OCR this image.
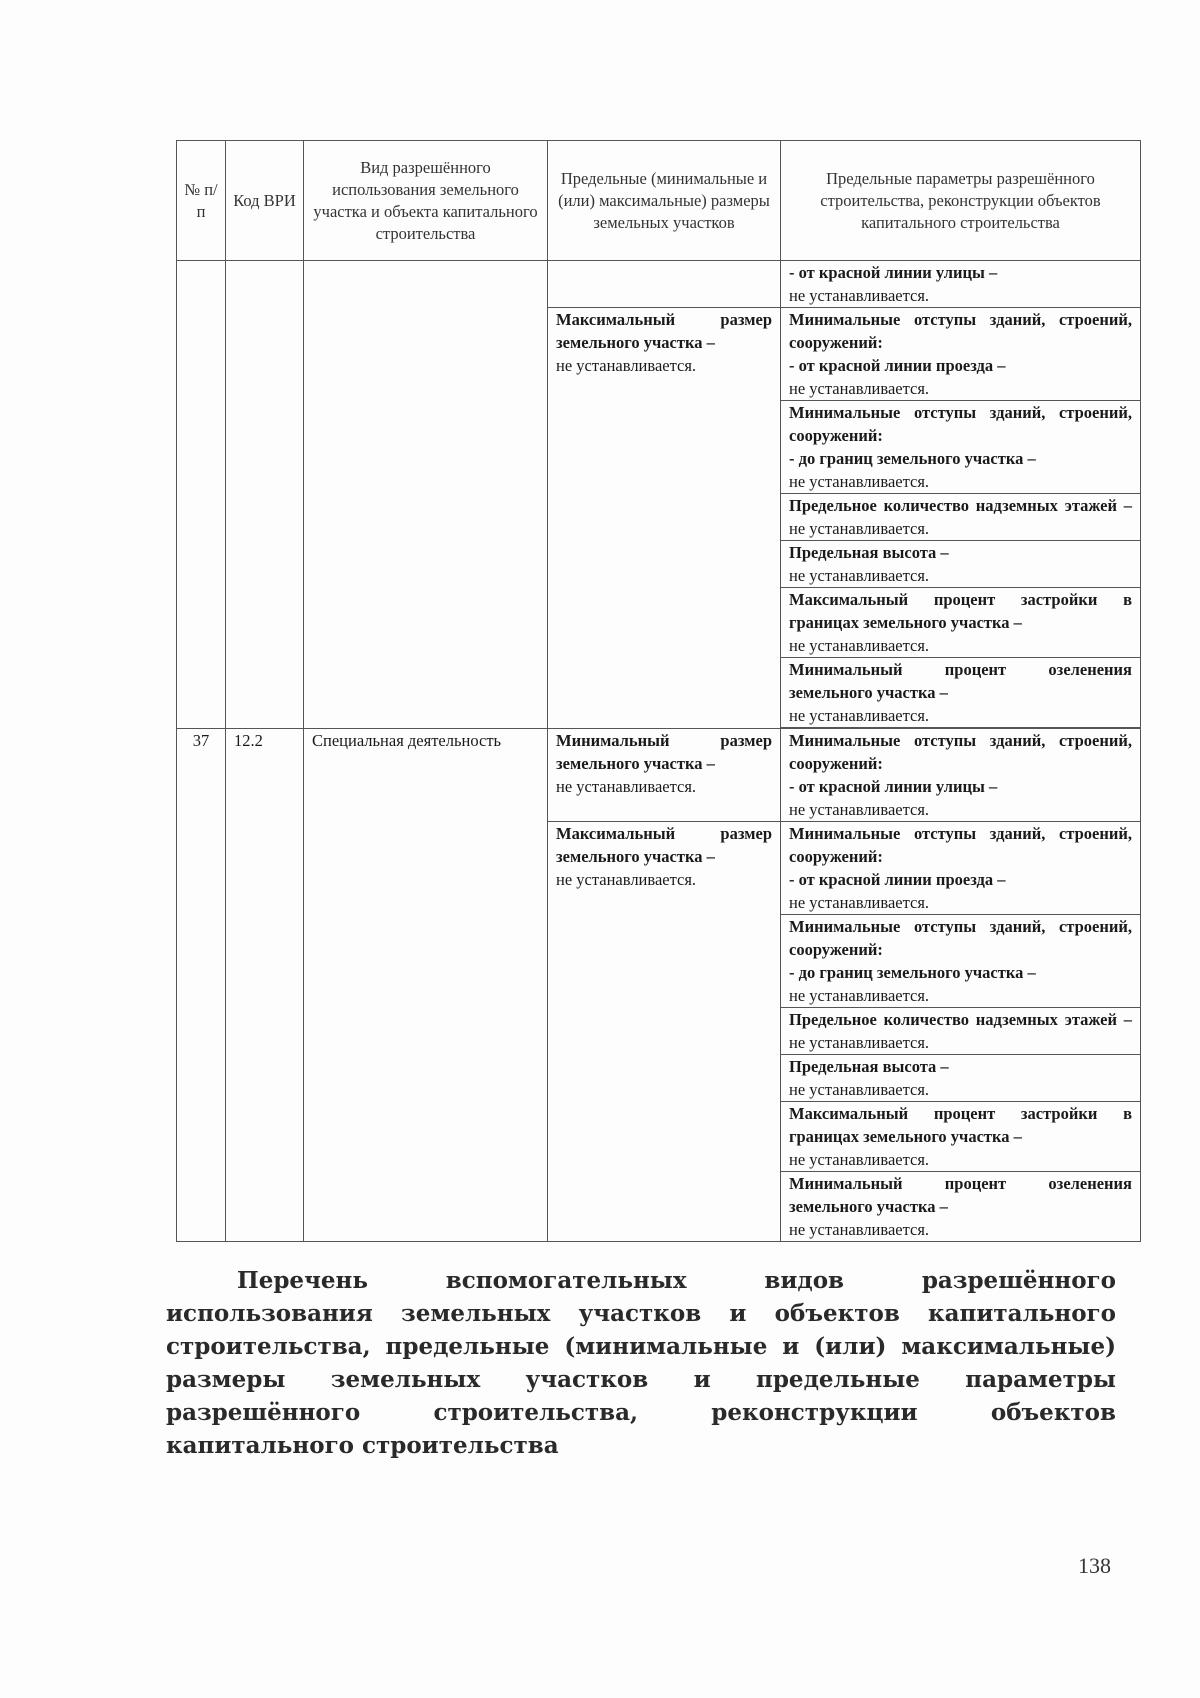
№ п/п	Код ВРИ	Вид разрешённого использования земельного участка и объекта капитального строительства	Предельные (минимальные и (или) максимальные) размеры земельных участков	Предельные параметры разрешённого строительства, реконструкции объектов капитального строительства

				- от красной линии улицы –
не устанавливается.

			Максимальный размер земельного участка –
не устанавливается.	Минимальные отступы зданий, строений, сооружений:
- от красной линии проезда –
не устанавливается.

				Минимальные отступы зданий, строений, сооружений:
- до границ земельного участка –
не устанавливается.

				Предельное количество надземных этажей – не устанавливается.

				Предельная высота –
не устанавливается.

				Максимальный процент застройки в границах земельного участка –
не устанавливается.

				Минимальный процент озеленения земельного участка –
не устанавливается.

37	12.2	Специальная деятельность	Минимальный размер земельного участка –
не устанавливается.	Минимальные отступы зданий, строений, сооружений:
- от красной линии улицы –
не устанавливается.

			Максимальный размер земельного участка –
не устанавливается.	Минимальные отступы зданий, строений, сооружений:
- от красной линии проезда –
не устанавливается.

				Минимальные отступы зданий, строений, сооружений:
- до границ земельного участка –
не устанавливается.

				Предельное количество надземных этажей – не устанавливается.

				Предельная высота –
не устанавливается.

				Максимальный процент застройки в границах земельного участка –
не устанавливается.

				Минимальный процент озеленения земельного участка –
не устанавливается.
Перечень вспомогательных видов разрешённого использования земельных участков и объектов капитального строительства, предельные (минимальные и (или) максимальные) размеры земельных участков и предельные параметры разрешённого строительства, реконструкции объектов капитального строительства
138
